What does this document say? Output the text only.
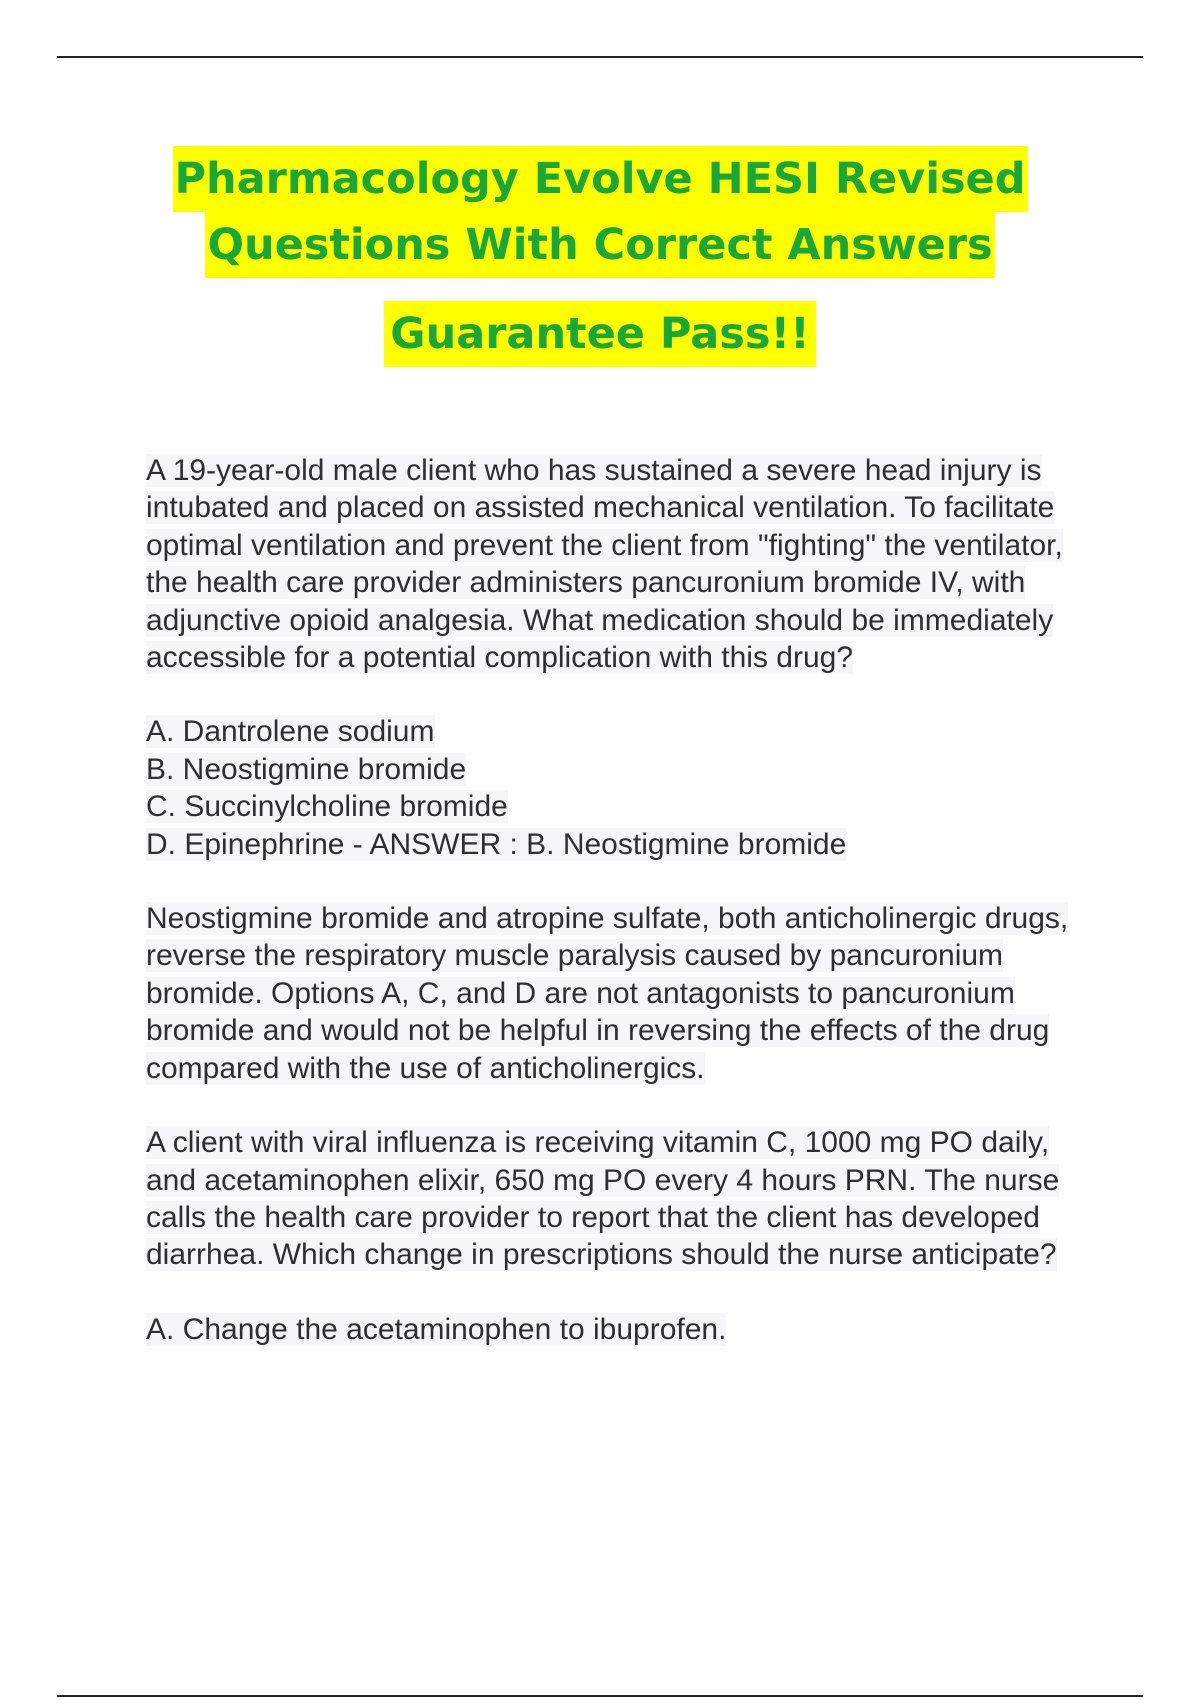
Pharmacology Evolve HESI Revised
Questions With Correct Answers
Guarantee Pass!!

A 19-year-old male client who has sustained a severe head injury is intubated and placed on assisted mechanical ventilation. To facilitate optimal ventilation and prevent the client from "fighting" the ventilator, the health care provider administers pancuronium bromide IV, with adjunctive opioid analgesia. What medication should be immediately accessible for a potential complication with this drug?

A. Dantrolene sodium
B. Neostigmine bromide
C. Succinylcholine bromide
D. Epinephrine - ANSWER : B. Neostigmine bromide

Neostigmine bromide and atropine sulfate, both anticholinergic drugs, reverse the respiratory muscle paralysis caused by pancuronium bromide. Options A, C, and D are not antagonists to pancuronium bromide and would not be helpful in reversing the effects of the drug compared with the use of anticholinergics.

A client with viral influenza is receiving vitamin C, 1000 mg PO daily, and acetaminophen elixir, 650 mg PO every 4 hours PRN. The nurse calls the health care provider to report that the client has developed diarrhea. Which change in prescriptions should the nurse anticipate?

A. Change the acetaminophen to ibuprofen.
